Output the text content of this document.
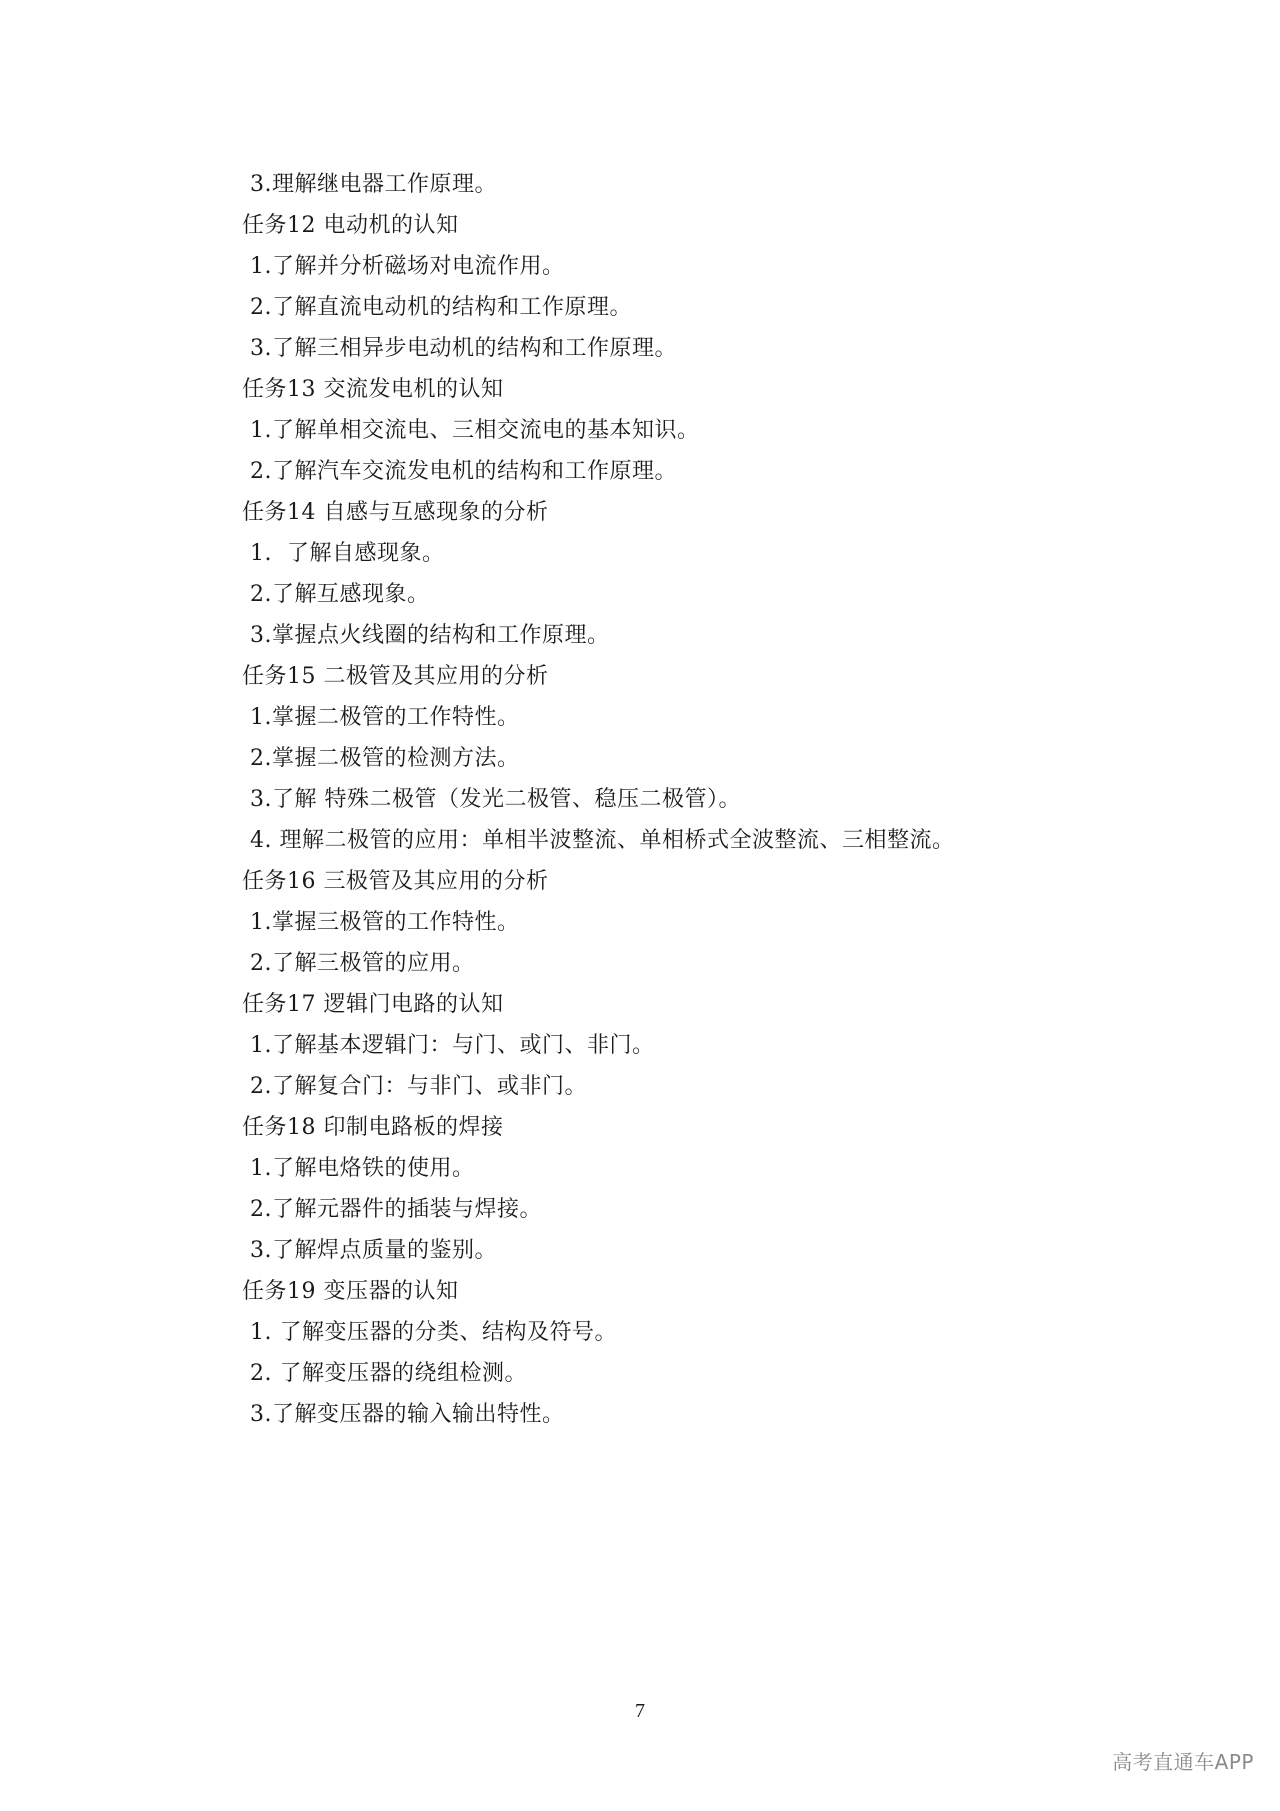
3.理解继电器工作原理。
任务12 电动机的认知
1.了解并分析磁场对电流作用。
2.了解直流电动机的结构和工作原理。
3.了解三相异步电动机的结构和工作原理。
任务13 交流发电机的认知
1.了解单相交流电、三相交流电的基本知识。
2.了解汽车交流发电机的结构和工作原理。
任务14 自感与互感现象的分析
1.  了解自感现象。
2.了解互感现象。
3.掌握点火线圈的结构和工作原理。
任务15 二极管及其应用的分析
1.掌握二极管的工作特性。
2.掌握二极管的检测方法。
3.了解 特殊二极管（发光二极管、稳压二极管）。
4. 理解二极管的应用：单相半波整流、单相桥式全波整流、三相整流。
任务16 三极管及其应用的分析
1.掌握三极管的工作特性。
2.了解三极管的应用。
任务17 逻辑门电路的认知
1.了解基本逻辑门：与门、或门、非门。
2.了解复合门：与非门、或非门。
任务18 印制电路板的焊接
1.了解电烙铁的使用。
2.了解元器件的插装与焊接。
3.了解焊点质量的鉴别。
任务19 变压器的认知
1. 了解变压器的分类、结构及符号。
2. 了解变压器的绕组检测。
3.了解变压器的输入输出特性。
7
高考直通车APP
